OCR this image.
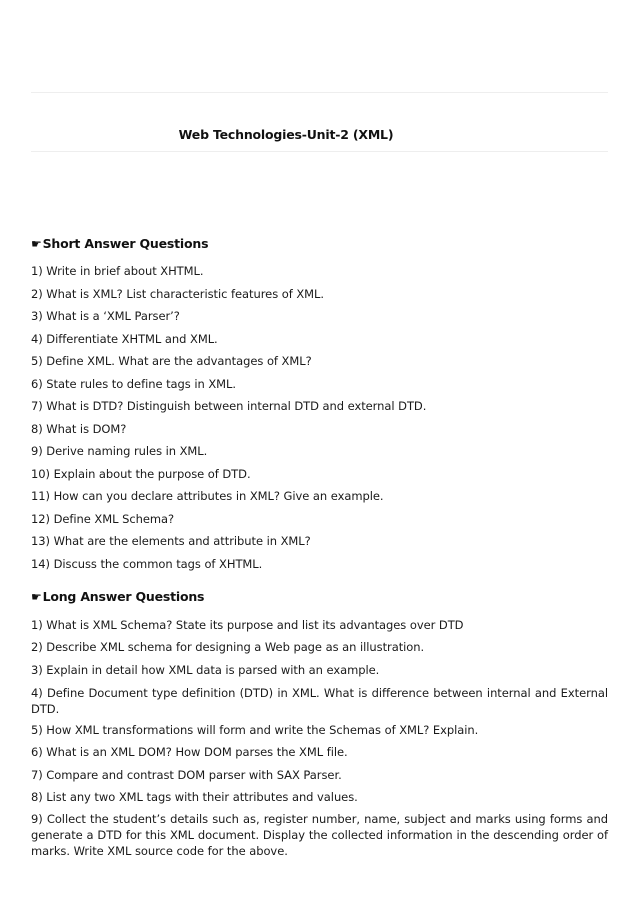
Web Technologies-Unit-2 (XML)
☛Short Answer Questions
1) Write in brief about XHTML.
2) What is XML? List characteristic features of XML.
3) What is a ‘XML Parser’?
4) Differentiate XHTML and XML.
5) Define XML. What are the advantages of XML?
6) State rules to define tags in XML.
7) What is DTD? Distinguish between internal DTD and external DTD.
8) What is DOM?
9) Derive naming rules in XML.
10) Explain about the purpose of DTD.
11) How can you declare attributes in XML? Give an example.
12) Define XML Schema?
13) What are the elements and attribute in XML?
14) Discuss the common tags of XHTML.
☛Long Answer Questions
1) What is XML Schema? State its purpose and list its advantages over DTD
2) Describe XML schema for designing a Web page as an illustration.
3) Explain in detail how XML data is parsed with an example.
4) Define Document type definition (DTD) in XML. What is difference between internal and External DTD.
5) How XML transformations will form and write the Schemas of XML? Explain.
6) What is an XML DOM? How DOM parses the XML file.
7) Compare and contrast DOM parser with SAX Parser.
8) List any two XML tags with their attributes and values.
9) Collect the student’s details such as, register number, name, subject and marks using forms and generate a DTD for this XML document. Display the collected information in the descending order of marks. Write XML source code for the above.
